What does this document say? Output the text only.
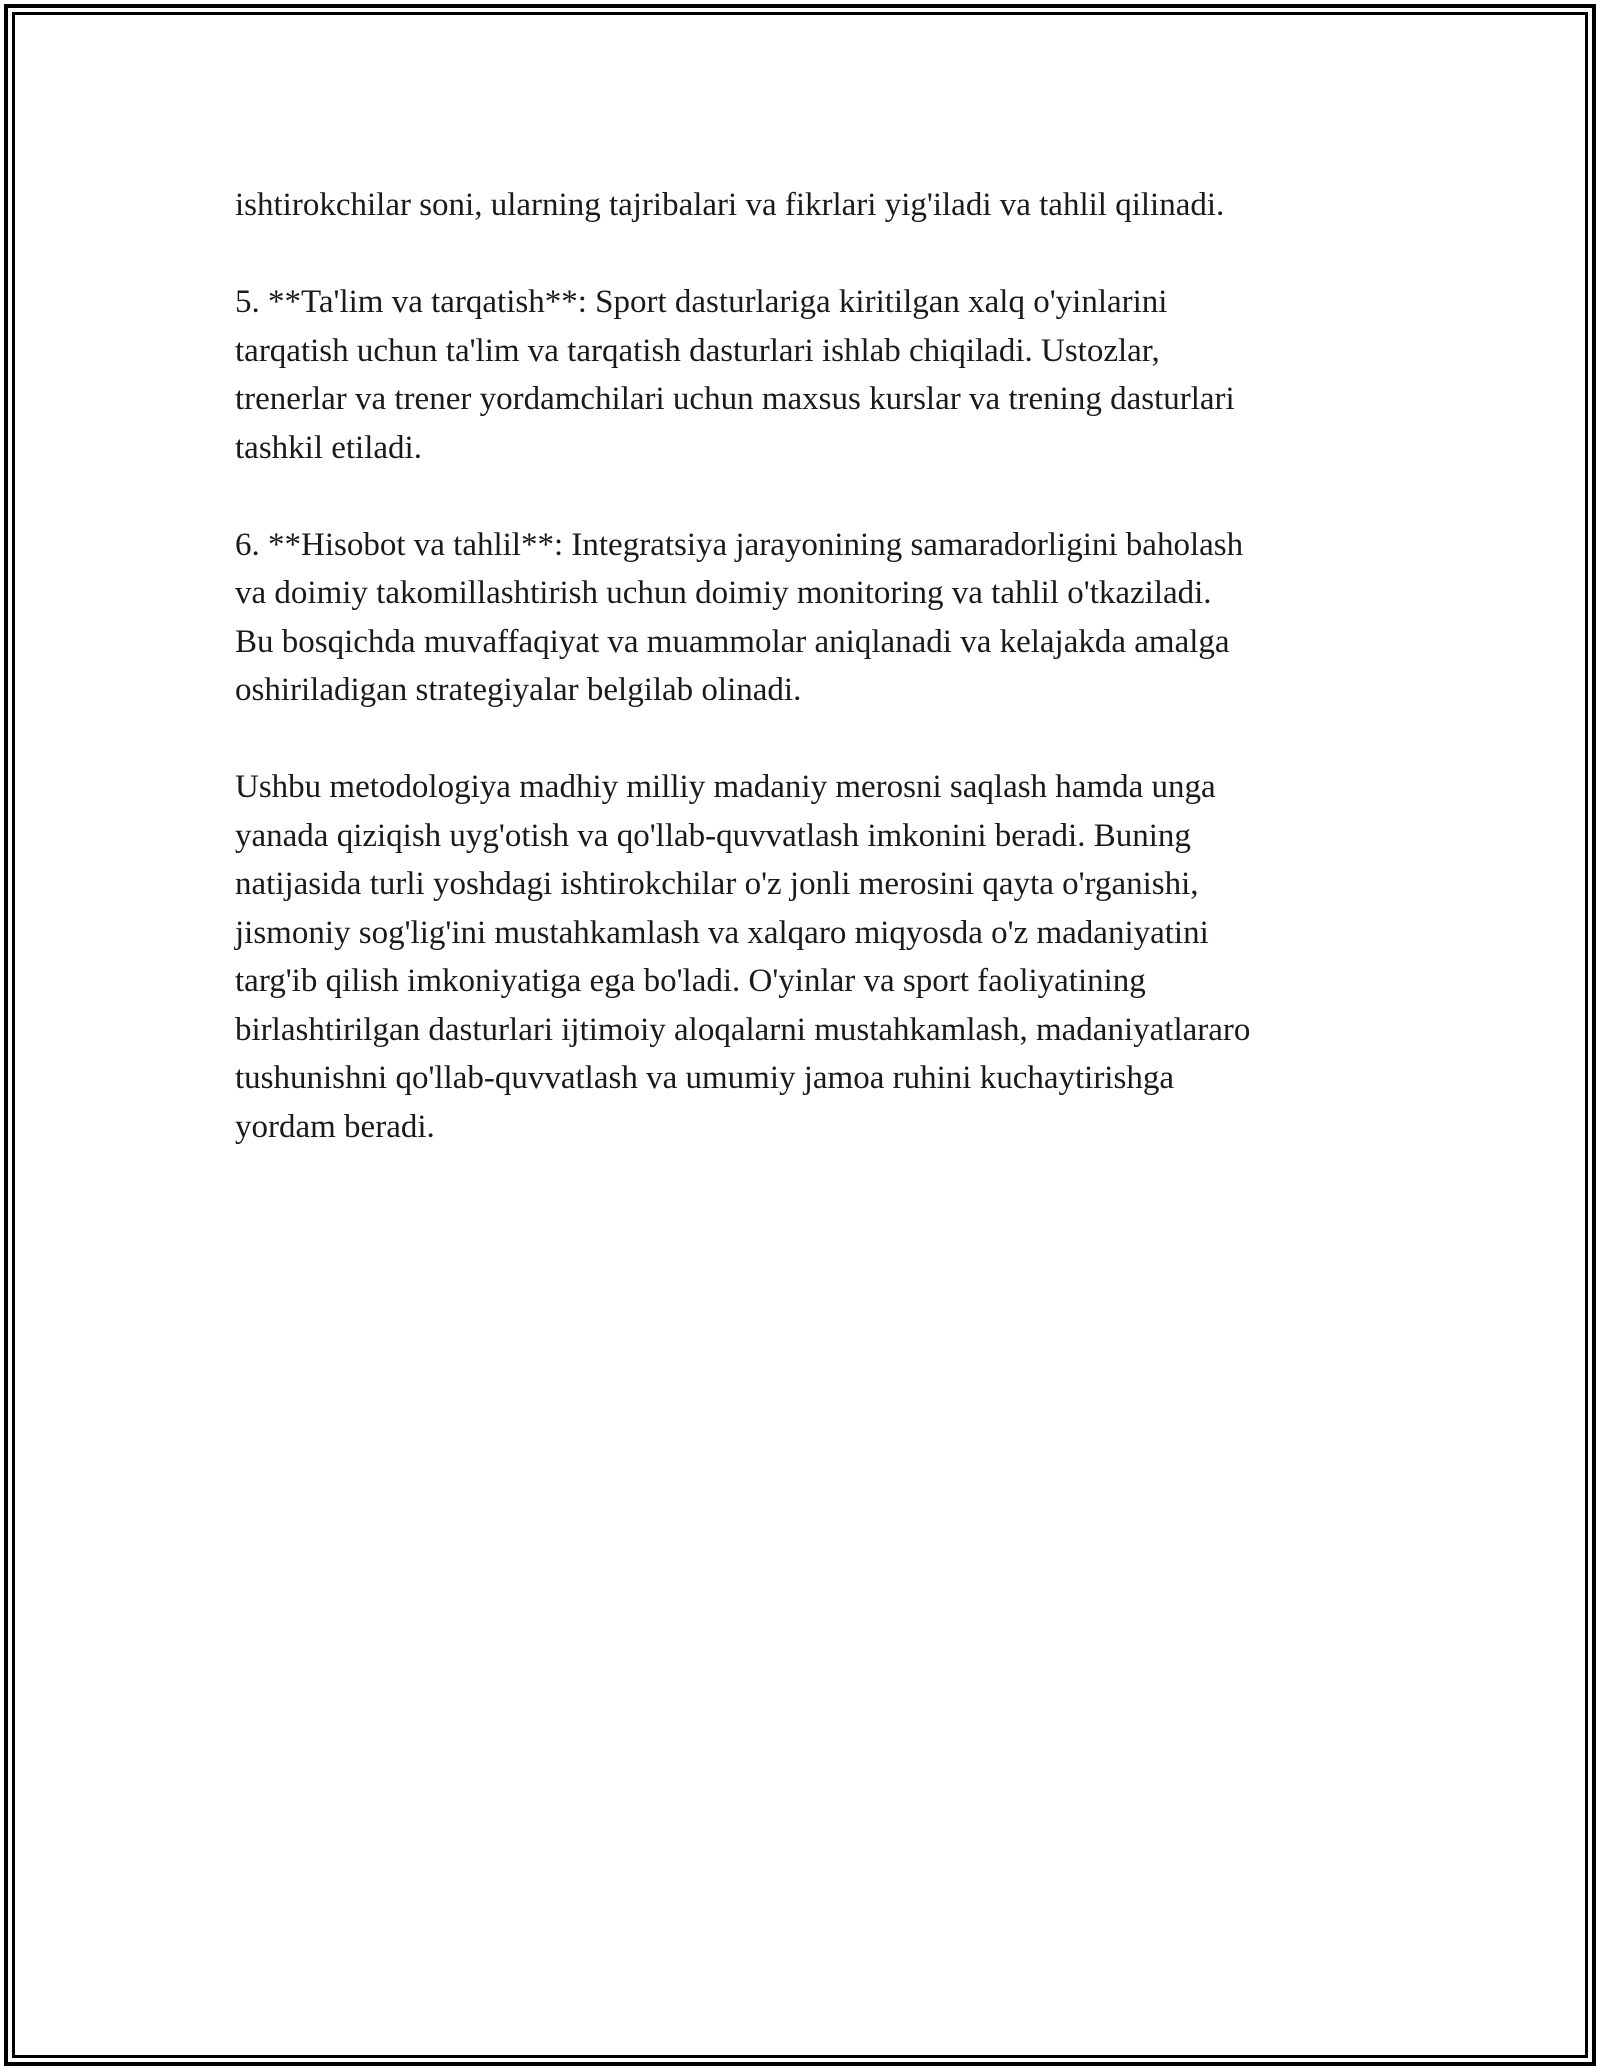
ishtirokchilar soni, ularning tajribalari va fikrlari yig'iladi va tahlil qilinadi.

5. **Ta'lim va tarqatish**: Sport dasturlariga kiritilgan xalq o'yinlarini
tarqatish uchun ta'lim va tarqatish dasturlari ishlab chiqiladi. Ustozlar,
trenerlar va trener yordamchilari uchun maxsus kurslar va trening dasturlari
tashkil etiladi.

6. **Hisobot va tahlil**: Integratsiya jarayonining samaradorligini baholash
va doimiy takomillashtirish uchun doimiy monitoring va tahlil o'tkaziladi.
Bu bosqichda muvaffaqiyat va muammolar aniqlanadi va kelajakda amalga
oshiriladigan strategiyalar belgilab olinadi.

Ushbu metodologiya madhiy milliy madaniy merosni saqlash hamda unga
yanada qiziqish uyg'otish va qo'llab-quvvatlash imkonini beradi. Buning
natijasida turli yoshdagi ishtirokchilar o'z jonli merosini qayta o'rganishi,
jismoniy sog'lig'ini mustahkamlash va xalqaro miqyosda o'z madaniyatini
targ'ib qilish imkoniyatiga ega bo'ladi. O'yinlar va sport faoliyatining
birlashtirilgan dasturlari ijtimoiy aloqalarni mustahkamlash, madaniyatlararo
tushunishni qo'llab-quvvatlash va umumiy jamoa ruhini kuchaytirishga
yordam beradi.
